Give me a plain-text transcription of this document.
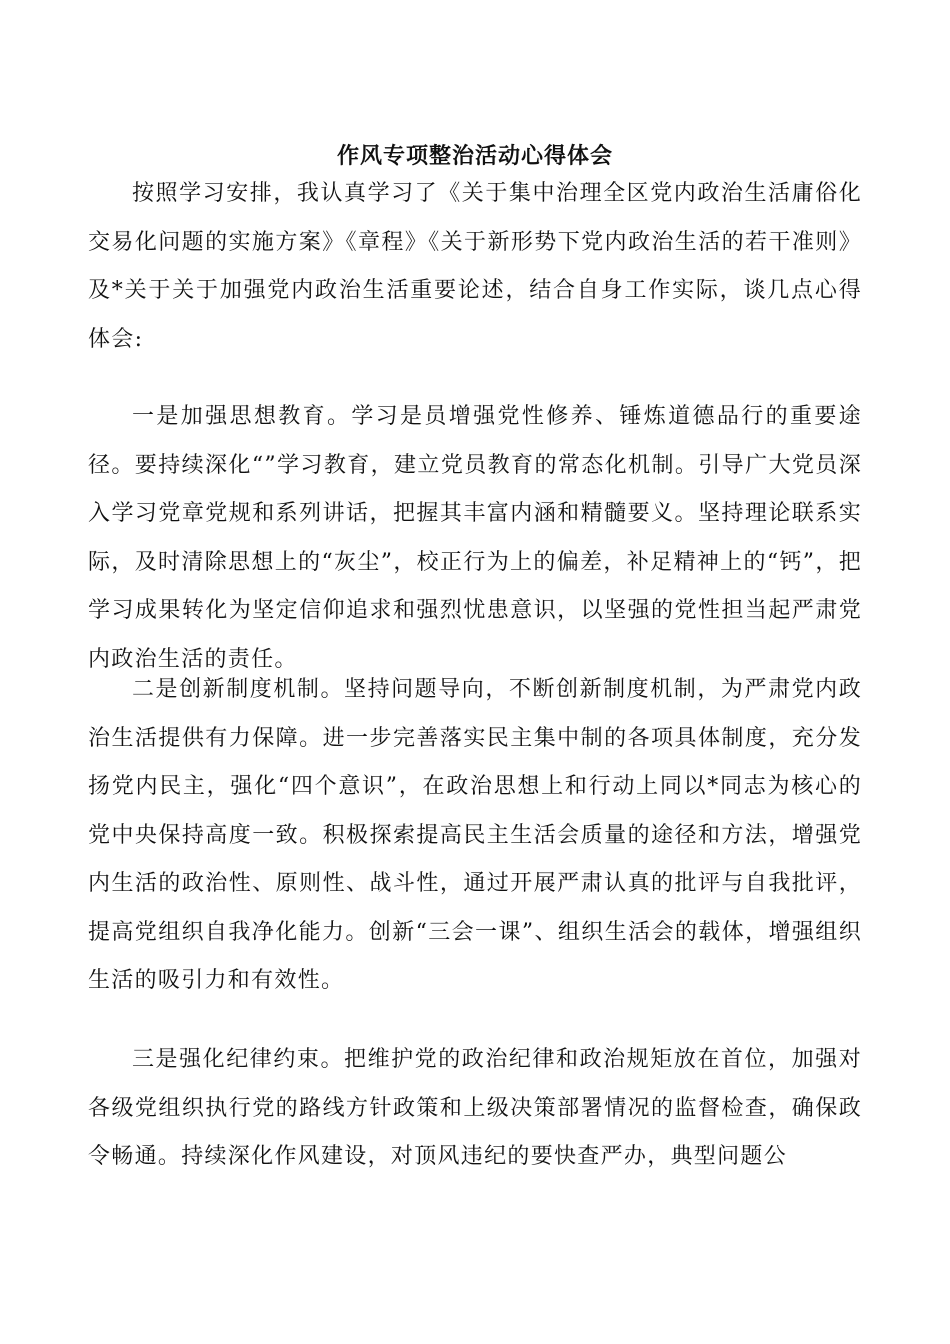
作风专项整治活动心得体会

按照学习安排，我认真学习了《关于集中治理全区党内政治生活庸俗化交易化问题的实施方案》《章程》《关于新形势下党内政治生活的若干准则》及*关于关于加强党内政治生活重要论述，结合自身工作实际，谈几点心得体会:

一是加强思想教育。学习是员增强党性修养、锤炼道德品行的重要途径。要持续深化“”学习教育，建立党员教育的常态化机制。引导广大党员深入学习党章党规和系列讲话，把握其丰富内涵和精髓要义。坚持理论联系实际，及时清除思想上的“灰尘”，校正行为上的偏差，补足精神上的“钙”，把学习成果转化为坚定信仰追求和强烈忧患意识，以坚强的党性担当起严肃党内政治生活的责任。

二是创新制度机制。坚持问题导向，不断创新制度机制，为严肃党内政治生活提供有力保障。进一步完善落实民主集中制的各项具体制度，充分发扬党内民主，强化“四个意识”，在政治思想上和行动上同以*同志为核心的党中央保持高度一致。积极探索提高民主生活会质量的途径和方法，增强党内生活的政治性、原则性、战斗性，通过开展严肃认真的批评与自我批评，提高党组织自我净化能力。创新“三会一课”、组织生活会的载体，增强组织生活的吸引力和有效性。

三是强化纪律约束。把维护党的政治纪律和政治规矩放在首位，加强对各级党组织执行党的路线方针政策和上级决策部署情况的监督检查，确保政令畅通。持续深化作风建设，对顶风违纪的要快查严办，典型问题公
